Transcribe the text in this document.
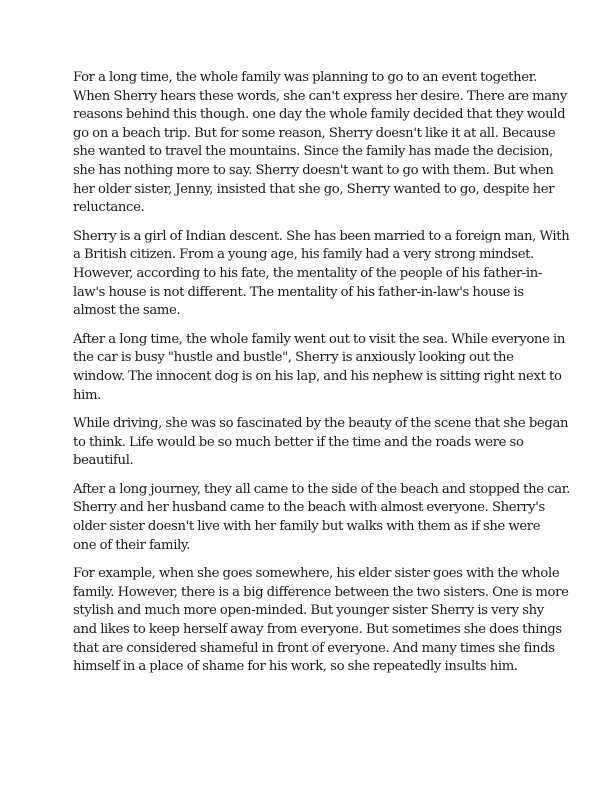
For a long time, the whole family was planning to go to an event together.
When Sherry hears these words, she can't express her desire. There are many
reasons behind this though. one day the whole family decided that they would
go on a beach trip. But for some reason, Sherry doesn't like it at all. Because
she wanted to travel the mountains. Since the family has made the decision,
she has nothing more to say. Sherry doesn't want to go with them. But when
her older sister, Jenny, insisted that she go, Sherry wanted to go, despite her
reluctance.

Sherry is a girl of Indian descent. She has been married to a foreign man, With
a British citizen. From a young age, his family had a very strong mindset.
However, according to his fate, the mentality of the people of his father-in-
law's house is not different. The mentality of his father-in-law's house is
almost the same.

After a long time, the whole family went out to visit the sea. While everyone in
the car is busy "hustle and bustle", Sherry is anxiously looking out the
window. The innocent dog is on his lap, and his nephew is sitting right next to
him.

While driving, she was so fascinated by the beauty of the scene that she began
to think. Life would be so much better if the time and the roads were so
beautiful.

After a long journey, they all came to the side of the beach and stopped the car.
Sherry and her husband came to the beach with almost everyone. Sherry's
older sister doesn't live with her family but walks with them as if she were
one of their family.

For example, when she goes somewhere, his elder sister goes with the whole
family. However, there is a big difference between the two sisters. One is more
stylish and much more open-minded. But younger sister Sherry is very shy
and likes to keep herself away from everyone. But sometimes she does things
that are considered shameful in front of everyone. And many times she finds
himself in a place of shame for his work, so she repeatedly insults him.
